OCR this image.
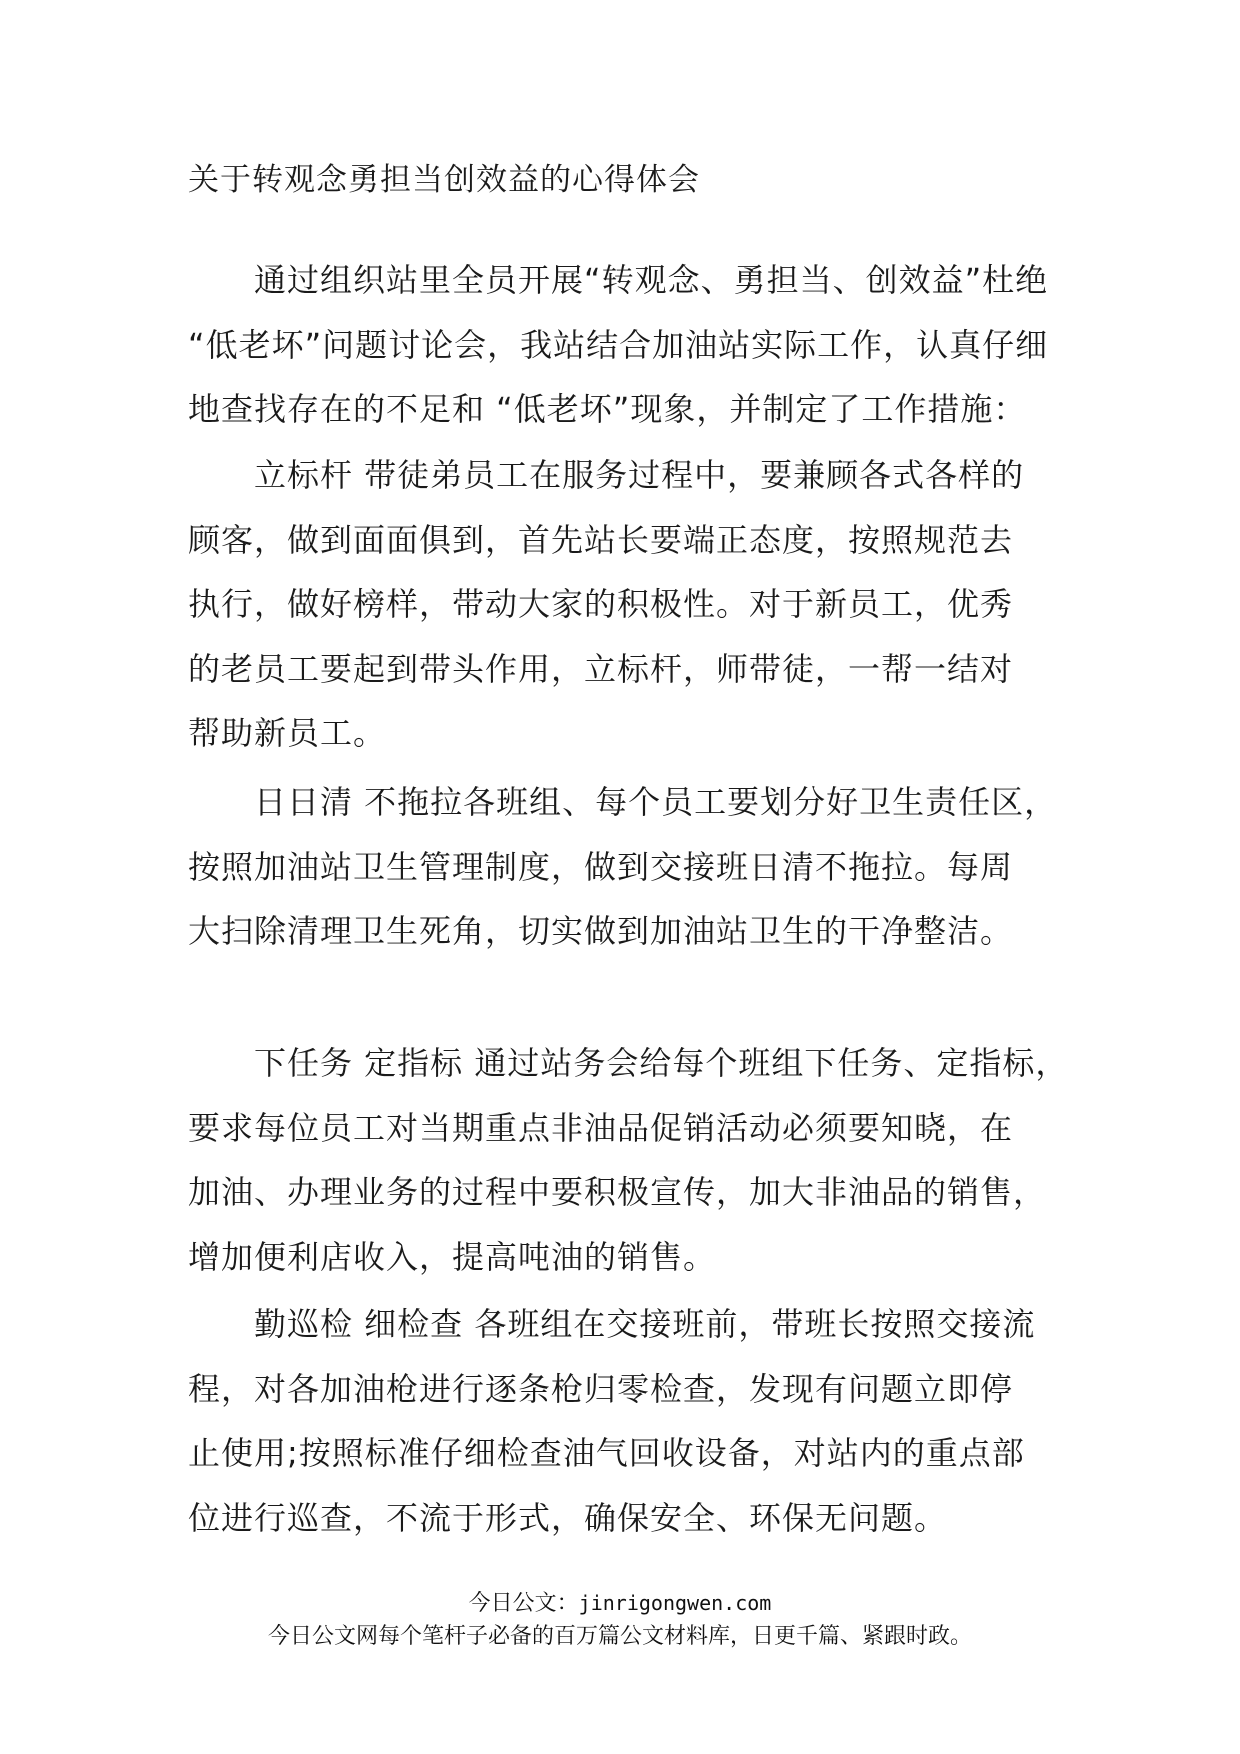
关于转观念勇担当创效益的心得体会
通过组织站里全员开展“转观念、勇担当、创效益”杜绝
“低老坏”问题讨论会，我站结合加油站实际工作，认真仔细
地查找存在的不足和 “低老坏”现象，并制定了工作措施：
立标杆 带徒弟员工在服务过程中，要兼顾各式各样的
顾客，做到面面俱到，首先站长要端正态度，按照规范去
执行，做好榜样，带动大家的积极性。对于新员工，优秀
的老员工要起到带头作用，立标杆，师带徒，一帮一结对
帮助新员工。
日日清 不拖拉各班组、每个员工要划分好卫生责任区，
按照加油站卫生管理制度，做到交接班日清不拖拉。每周
大扫除清理卫生死角，切实做到加油站卫生的干净整洁。
下任务 定指标 通过站务会给每个班组下任务、定指标，
要求每位员工对当期重点非油品促销活动必须要知晓，在
加油、办理业务的过程中要积极宣传，加大非油品的销售，
增加便利店收入，提高吨油的销售。
勤巡检 细检查 各班组在交接班前，带班长按照交接流
程，对各加油枪进行逐条枪归零检查，发现有问题立即停
止使用;按照标准仔细检查油气回收设备，对站内的重点部
位进行巡查，不流于形式，确保安全、环保无问题。
今日公文：jinrigongwen.com
今日公文网每个笔杆子必备的百万篇公文材料库，日更千篇、紧跟时政。
